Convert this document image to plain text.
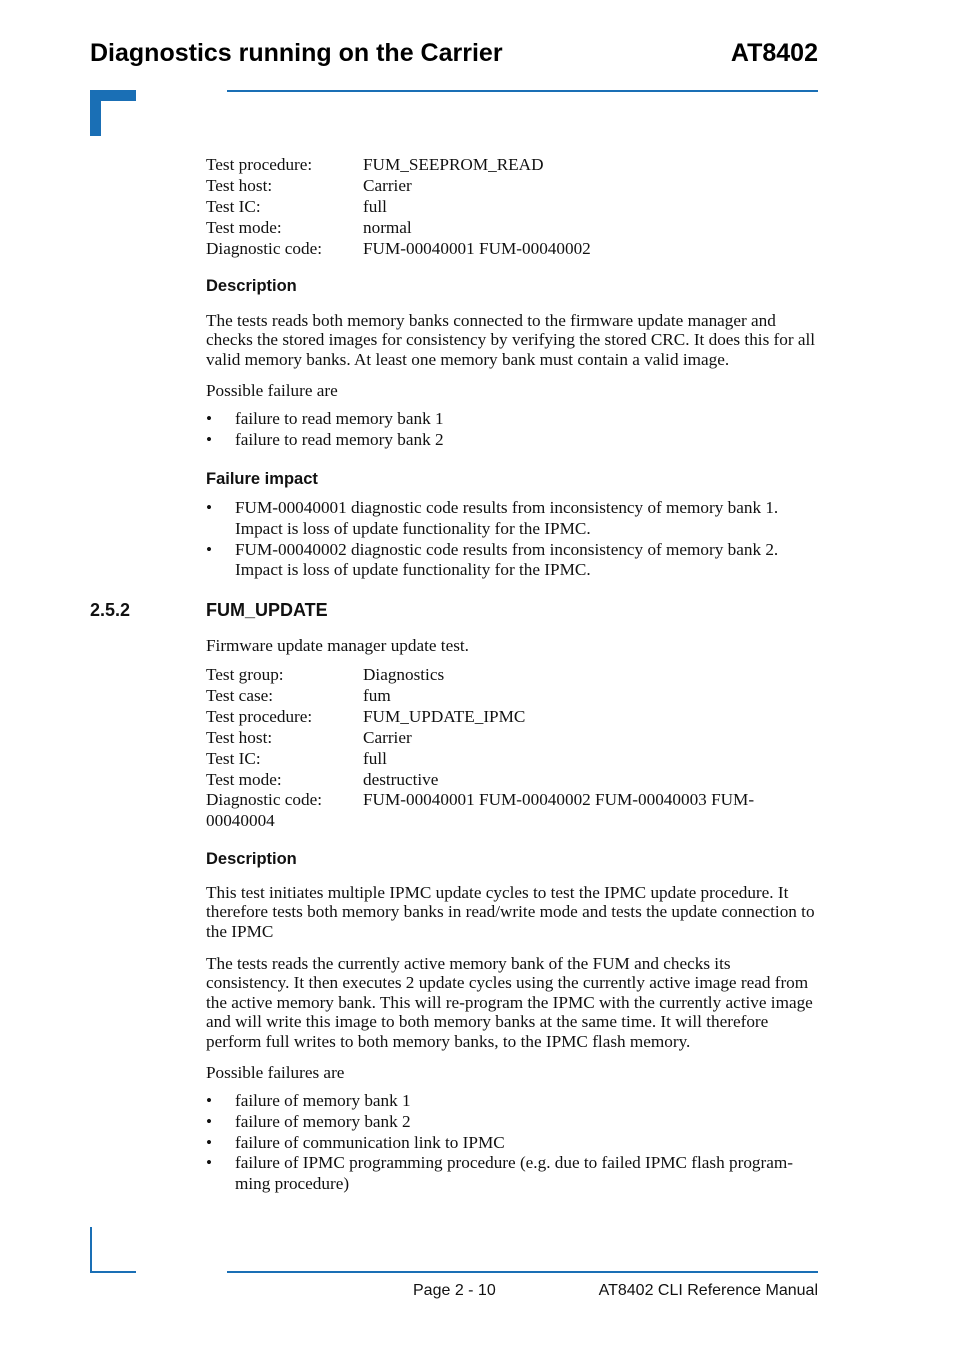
Diagnostics running on the Carrier	AT8402
Test procedure:	FUM_SEEPROM_READ
Test host:	Carrier
Test IC:	full
Test mode:	normal
Diagnostic code: FUM-00040001 FUM-00040002
Description
The tests reads both memory banks connected to the firmware update manager and checks the stored images for consistency by verifying the stored CRC. It does this for all valid memory banks. At least one memory bank must contain a valid image.
Possible failure are
• failure to read memory bank 1
• failure to read memory bank 2
Failure impact
• FUM-00040001 diagnostic code results from inconsistency of memory bank 1. Impact is loss of update functionality for the IPMC.
• FUM-00040002 diagnostic code results from inconsistency of memory bank 2. Impact is loss of update functionality for the IPMC.
2.5.2	FUM_UPDATE
Firmware update manager update test.
Test group:	Diagnostics
Test case:	fum
Test procedure:	FUM_UPDATE_IPMC
Test host:	Carrier
Test IC:	full
Test mode:	destructive
Diagnostic code: FUM-00040001 FUM-00040002 FUM-00040003 FUM-
00040004
Description
This test initiates multiple IPMC update cycles to test the IPMC update procedure. It therefore tests both memory banks in read/write mode and tests the update connection to the IPMC
The tests reads the currently active memory bank of the FUM and checks its consistency. It then executes 2 update cycles using the currently active image read from the active memory bank. This will re-program the IPMC with the currently active image and will write this image to both memory banks at the same time. It will therefore perform full writes to both memory banks, to the IPMC flash memory.
Possible failures are
• failure of memory bank 1
• failure of memory bank 2
• failure of communication link to IPMC
• failure of IPMC programming procedure (e.g. due to failed IPMC flash program-ming procedure)
Page 2 - 10	AT8402 CLI Reference Manual
